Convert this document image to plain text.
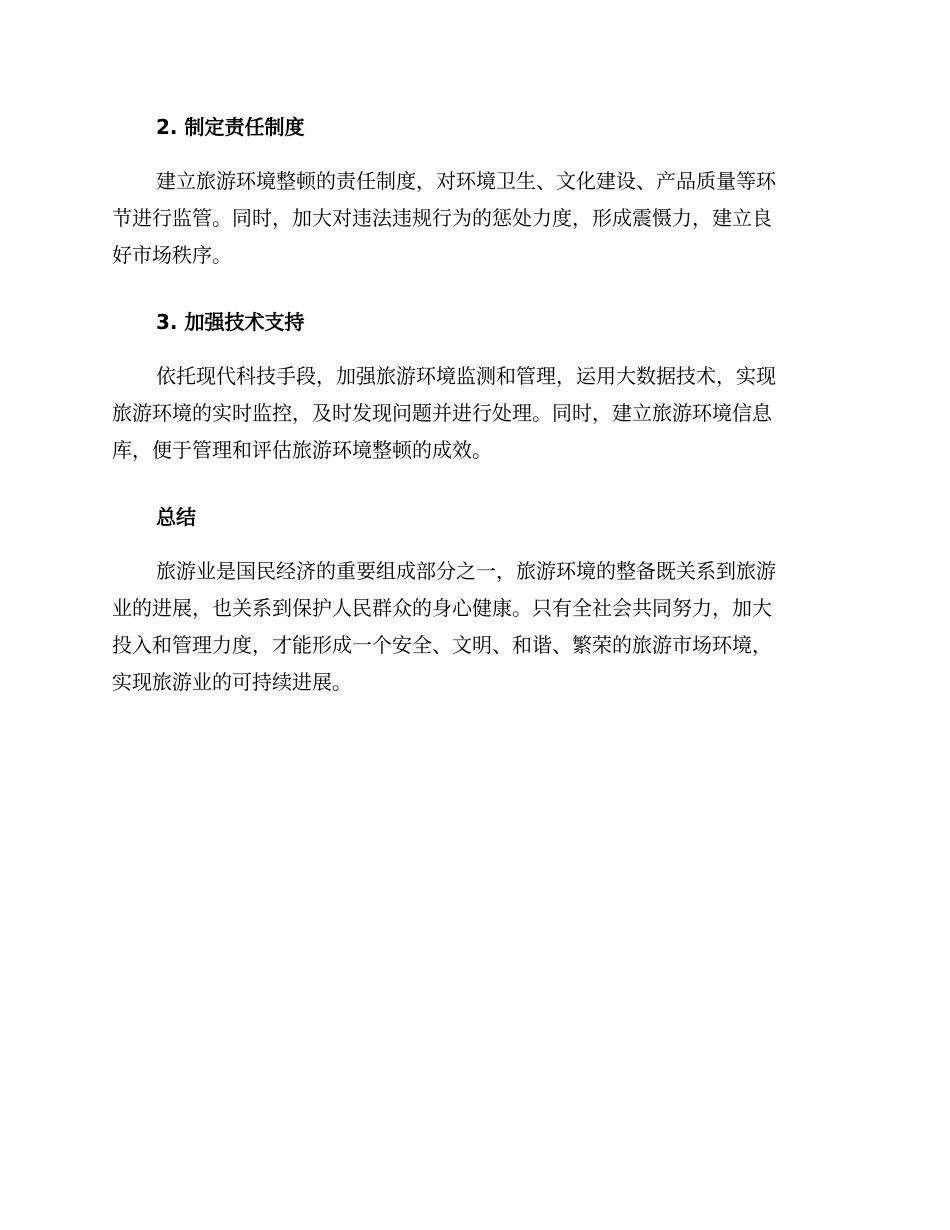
2. 制定责任制度
建立旅游环境整顿的责任制度，对环境卫生、文化建设、产品质量等环
节进行监管。同时，加大对违法违规行为的惩处力度，形成震慑力，建立良
好市场秩序。
3. 加强技术支持
依托现代科技手段，加强旅游环境监测和管理，运用大数据技术，实现
旅游环境的实时监控，及时发现问题并进行处理。同时，建立旅游环境信息
库，便于管理和评估旅游环境整顿的成效。
总结
旅游业是国民经济的重要组成部分之一，旅游环境的整备既关系到旅游
业的进展，也关系到保护人民群众的身心健康。只有全社会共同努力，加大
投入和管理力度，才能形成一个安全、文明、和谐、繁荣的旅游市场环境，
实现旅游业的可持续进展。
